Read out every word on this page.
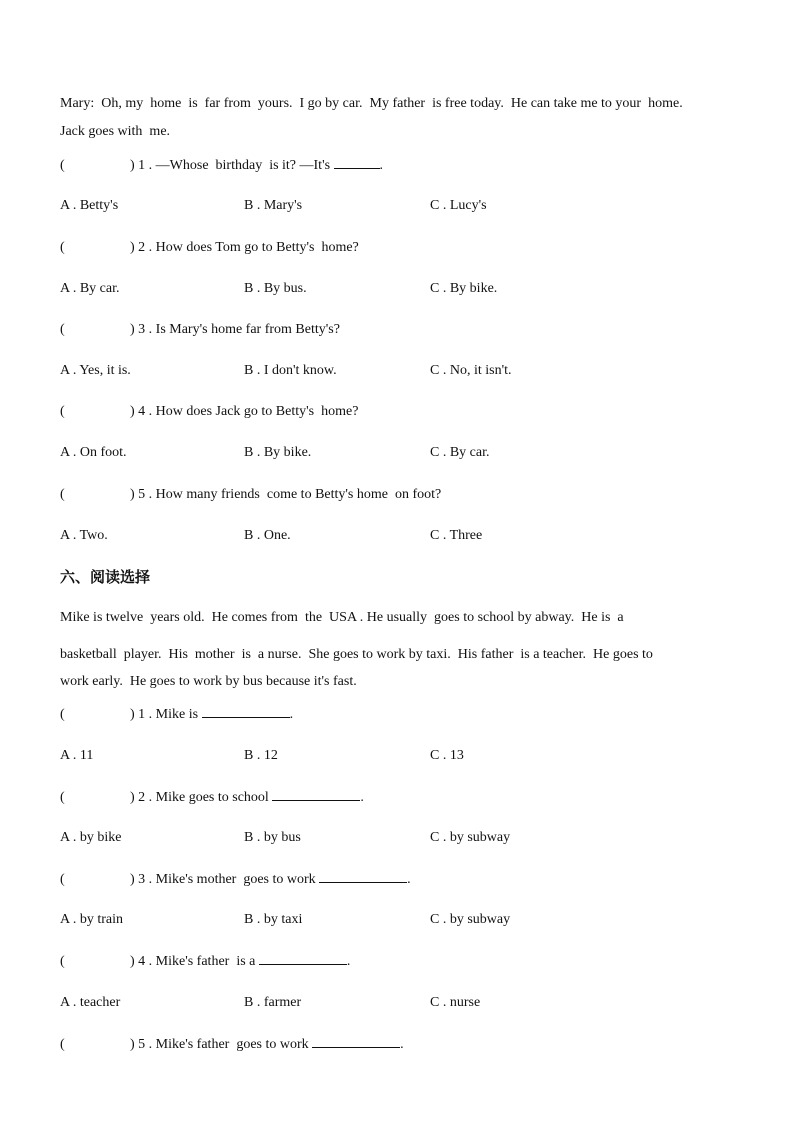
Mary:  Oh, my  home  is  far from  yours.  I go by car.  My father  is free today.  He can take me to your  home.
Jack goes with  me.
(	) 1 . —Whose  birthday  is it? —It's	.
A . Betty's	B . Mary's	C . Lucy's
(	) 2 . How does Tom go to Betty's  home?
A . By car.	B . By bus.	C . By bike.
(	) 3 . Is Mary's home far from Betty's?
A . Yes, it is.	B . I don't know.	C . No, it isn't.
(	) 4 . How does Jack go to Betty's  home?
A . On foot.	B . By bike.	C . By car.
(	) 5 . How many friends  come to Betty's home  on foot?
A . Two.	B . One.	C . Three
六、阅读选择
Mike is twelve  years old.  He comes from  the  USA . He usually  goes to school by abway.  He is  a
basketball  player.  His  mother  is  a nurse.  She goes to work by taxi.  His father  is a teacher.  He goes to
work early.  He goes to work by bus because it's fast.
(	) 1 . Mike is	.
A . 11	B . 12	C . 13
(	) 2 . Mike goes to school	.
A . by bike	B . by bus	C . by subway
(	) 3 . Mike's mother  goes to work	.
A . by train	B . by taxi	C . by subway
(	) 4 . Mike's father  is a	.
A . teacher	B . farmer	C . nurse
(	) 5 . Mike's father  goes to work	.
